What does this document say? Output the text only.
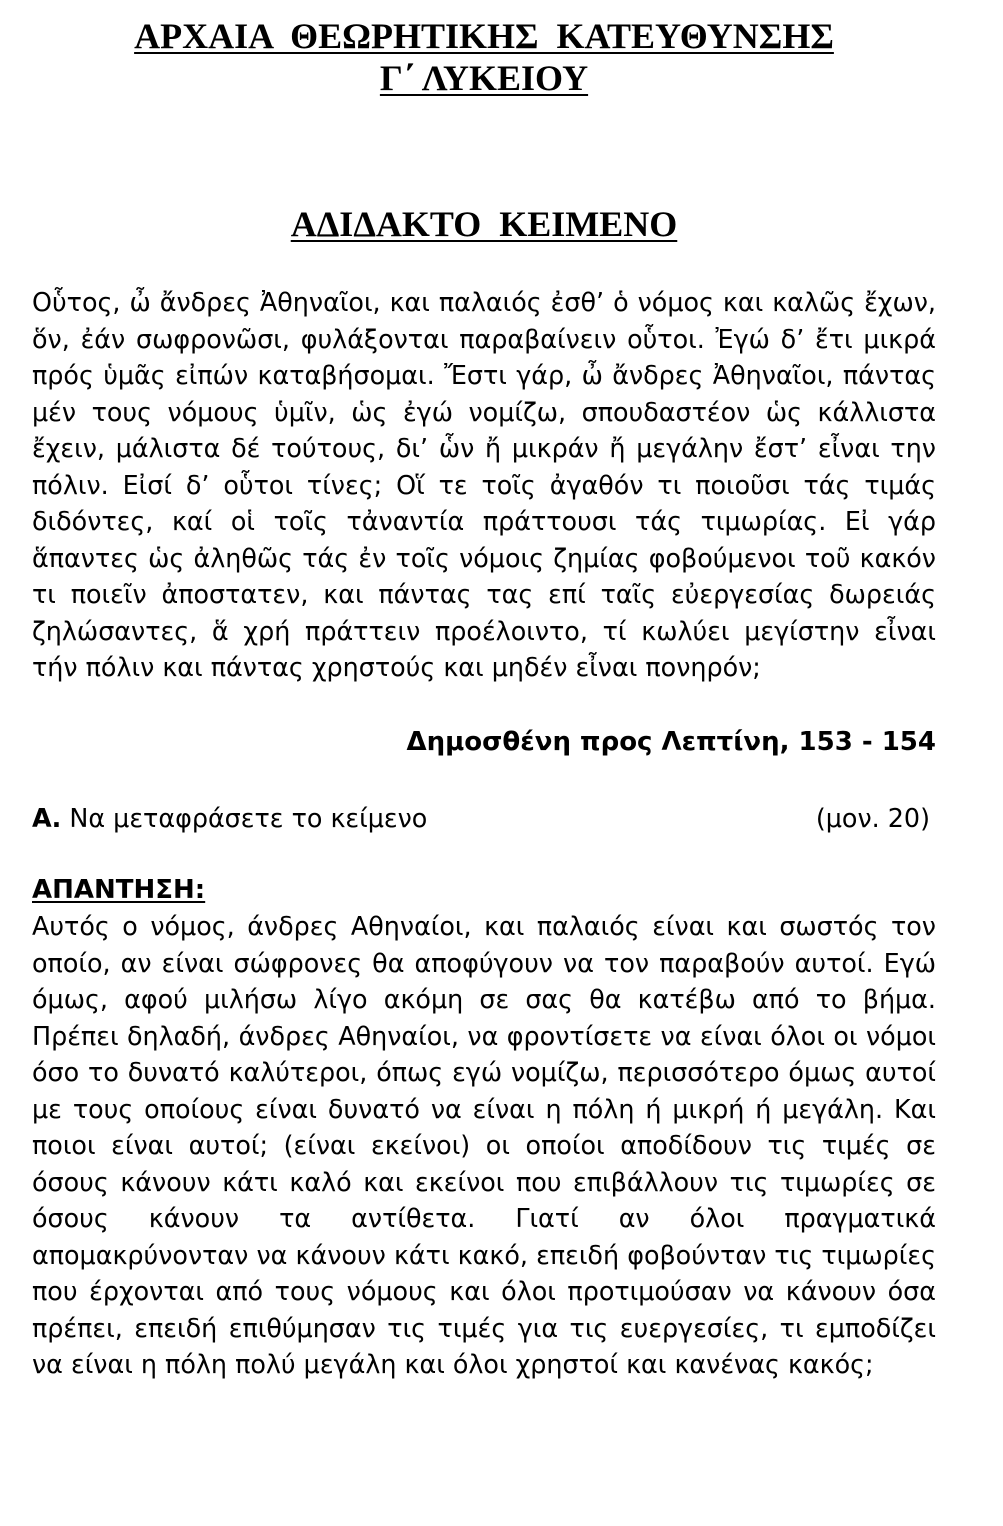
ΑΡΧΑΙΑ  ΘΕΩΡΗΤΙΚΗΣ  ΚΑΤΕΥΘΥΝΣΗΣ
Γ΄ ΛΥΚΕΙΟΥ
ΑΔΙΔΑΚΤΟ  ΚΕΙΜΕΝΟ

Οὗτος, ὦ ἄνδρες Ἀθηναῖοι, και παλαιός ἐσθ’ ὁ νόμος και καλῶς ἔχων, ὅν, ἐάν σωφρονῶσι, φυλάξονται παραβαίνειν οὗτοι. Ἐγώ δ’ ἔτι μικρά πρός ὑμᾶς εἰπών καταβήσομαι. Ἔστι γάρ, ὦ ἄνδρες Ἀθηναῖοι, πάντας μέν τους νόμους ὑμῖν, ὡς ἐγώ νομίζω, σπουδαστέον ὡς κάλλιστα ἔχειν, μάλιστα δέ τούτους, δι’ ὧν ἤ μικράν ἤ μεγάλην ἔστ’ εἶναι την πόλιν. Εἰσί δ’ οὗτοι τίνες; Οἵ τε τοῖς ἀγαθόν τι ποιοῦσι τάς τιμάς διδόντες, καί οἱ τοῖς τἀναντία πράττουσι τάς τιμωρίας. Εἰ γάρ ἅπαντες ὡς ἀληθῶς τάς ἐν τοῖς νόμοις ζημίας φοβούμενοι τοῦ κακόν τι ποιεῖν ἀποστατεν, και πάντας τας επί ταῖς εὐεργεσίας δωρειάς ζηλώσαντες, ἅ χρή πράττειν προέλοιντο, τί κωλύει μεγίστην εἶναι τήν πόλιν και πάντας χρηστούς και μηδέν εἶναι πονηρόν;

Δημοσθένη προς Λεπτίνη, 153 - 154
Α. Να μεταφράσετε το κείμενο	(μον. 20)
ΑΠΑΝΤΗΣΗ:

Αυτός ο νόμος, άνδρες Αθηναίοι, και παλαιός είναι και σωστός τον οποίο, αν είναι σώφρονες θα αποφύγουν να τον παραβούν αυτοί. Εγώ όμως, αφού μιλήσω λίγο ακόμη σε σας θα κατέβω από το βήμα. Πρέπει δηλαδή, άνδρες Αθηναίοι, να φροντίσετε να είναι όλοι οι νόμοι όσο το δυνατό καλύτεροι, όπως εγώ νομίζω, περισσότερο όμως αυτοί με τους οποίους είναι δυνατό να είναι η πόλη ή μικρή ή μεγάλη. Και ποιοι είναι αυτοί; (είναι εκείνοι) οι οποίοι αποδίδουν τις τιμές σε όσους κάνουν κάτι καλό και εκείνοι που επιβάλλουν τις τιμωρίες σε όσους κάνουν τα αντίθετα. Γιατί αν όλοι πραγματικά απομακρύνονταν να κάνουν κάτι κακό, επειδή φοβούνταν τις τιμωρίες που έρχονται από τους νόμους και όλοι προτιμούσαν να κάνουν όσα πρέπει, επειδή επιθύμησαν τις τιμές για τις ευεργεσίες, τι εμποδίζει να είναι η πόλη πολύ μεγάλη και όλοι χρηστοί και κανένας κακός;
